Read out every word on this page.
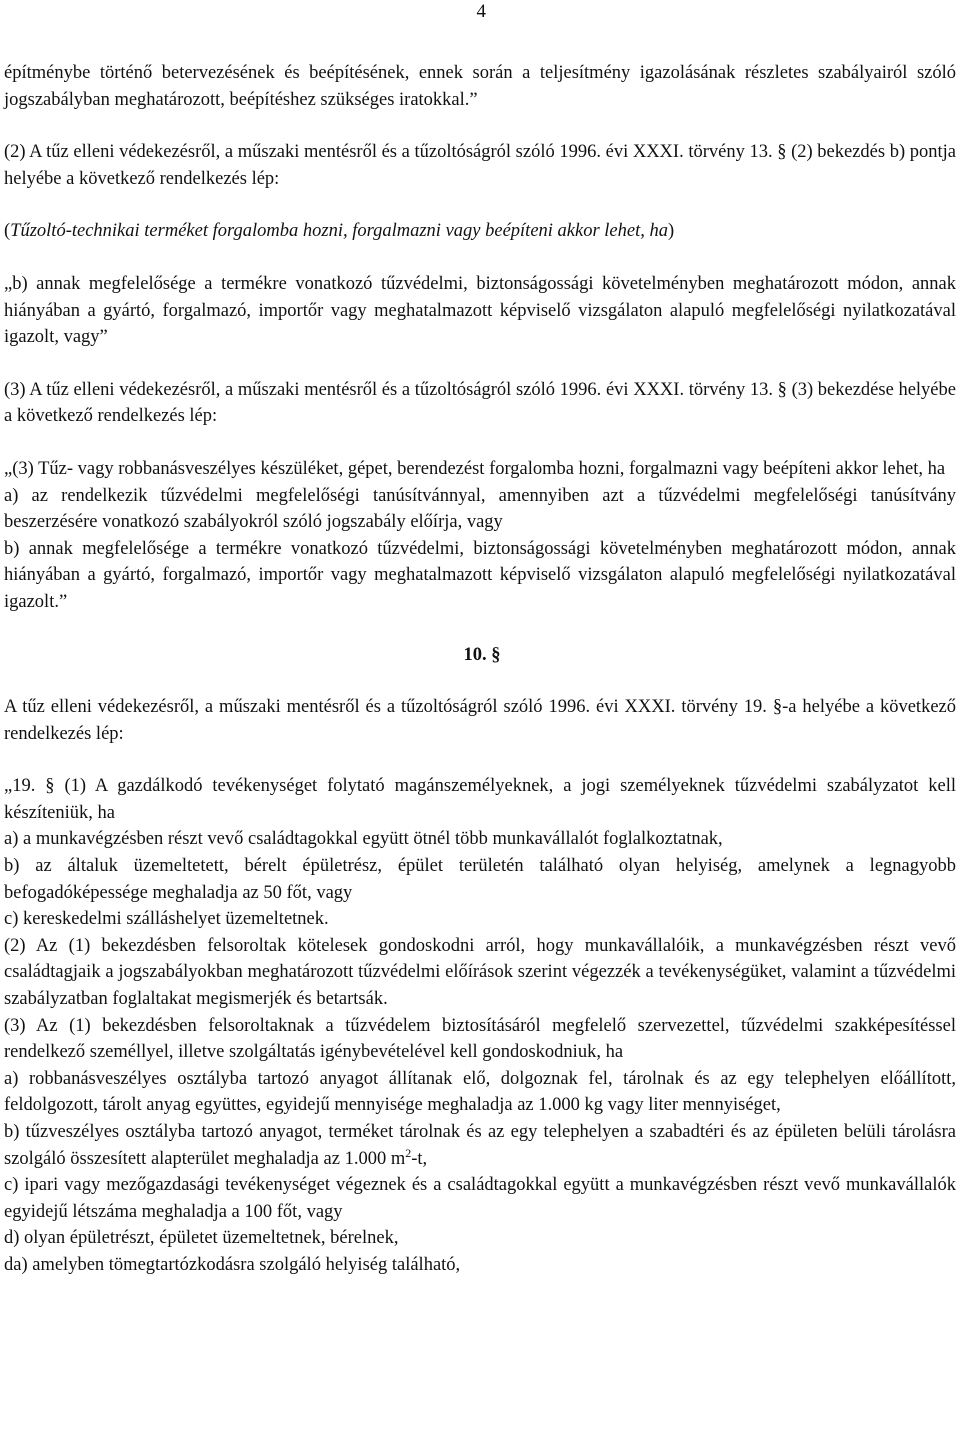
4

építménybe történő betervezésének és beépítésének, ennek során a teljesítmény igazolásának részletes szabályairól szóló jogszabályban meghatározott, beépítéshez szükséges iratokkal.”

(2) A tűz elleni védekezésről, a műszaki mentésről és a tűzoltóságról szóló 1996. évi XXXI. törvény 13. § (2) bekezdés b) pontja helyébe a következő rendelkezés lép:

(Tűzoltó-technikai terméket forgalomba hozni, forgalmazni vagy beépíteni akkor lehet, ha)

„b) annak megfelelősége a termékre vonatkozó tűzvédelmi, biztonságossági követelményben meghatározott módon, annak hiányában a gyártó, forgalmazó, importőr vagy meghatalmazott képviselő vizsgálaton alapuló megfelelőségi nyilatkozatával igazolt, vagy”

(3) A tűz elleni védekezésről, a műszaki mentésről és a tűzoltóságról szóló 1996. évi XXXI. törvény 13. § (3) bekezdése helyébe a következő rendelkezés lép:

„(3) Tűz- vagy robbanásveszélyes készüléket, gépet, berendezést forgalomba hozni, forgalmazni vagy beépíteni akkor lehet, ha

a) az rendelkezik tűzvédelmi megfelelőségi tanúsítvánnyal, amennyiben azt a tűzvédelmi megfelelőségi tanúsítvány beszerzésére vonatkozó szabályokról szóló jogszabály előírja, vagy

b) annak megfelelősége a termékre vonatkozó tűzvédelmi, biztonságossági követelményben meghatározott módon, annak hiányában a gyártó, forgalmazó, importőr vagy meghatalmazott képviselő vizsgálaton alapuló megfelelőségi nyilatkozatával igazolt.”

10. §

A tűz elleni védekezésről, a műszaki mentésről és a tűzoltóságról szóló 1996. évi XXXI. törvény 19. §-a helyébe a következő rendelkezés lép:

„19. § (1) A gazdálkodó tevékenységet folytató magánszemélyeknek, a jogi személyeknek tűzvédelmi szabályzatot kell készíteniük, ha

a) a munkavégzésben részt vevő családtagokkal együtt ötnél több munkavállalót foglalkoztatnak,

b) az általuk üzemeltetett, bérelt épületrész, épület területén található olyan helyiség, amelynek a legnagyobb befogadóképessége meghaladja az 50 főt, vagy

c) kereskedelmi szálláshelyet üzemeltetnek.

(2) Az (1) bekezdésben felsoroltak kötelesek gondoskodni arról, hogy munkavállalóik, a munkavégzésben részt vevő családtagjaik a jogszabályokban meghatározott tűzvédelmi előírások szerint végezzék a tevékenységüket, valamint a tűzvédelmi szabályzatban foglaltakat megismerjék és betartsák.

(3) Az (1) bekezdésben felsoroltaknak a tűzvédelem biztosításáról megfelelő szervezettel, tűzvédelmi szakképesítéssel rendelkező személlyel, illetve szolgáltatás igénybevételével kell gondoskodniuk, ha

a) robbanásveszélyes osztályba tartozó anyagot állítanak elő, dolgoznak fel, tárolnak és az egy telephelyen előállított, feldolgozott, tárolt anyag együttes, egyidejű mennyisége meghaladja az 1.000 kg vagy liter mennyiséget,

b) tűzveszélyes osztályba tartozó anyagot, terméket tárolnak és az egy telephelyen a szabadtéri és az épületen belüli tárolásra szolgáló összesített alapterület meghaladja az 1.000 $m^2-t$,

c) ipari vagy mezőgazdasági tevékenységet végeznek és a családtagokkal együtt a munkavégzésben részt vevő munkavállalók egyidejű létszáma meghaladja a 100 főt, vagy

d) olyan épületrészt, épületet üzemeltetnek, bérelnek,

da) amelyben tömegtartózkodásra szolgáló helyiség található,
